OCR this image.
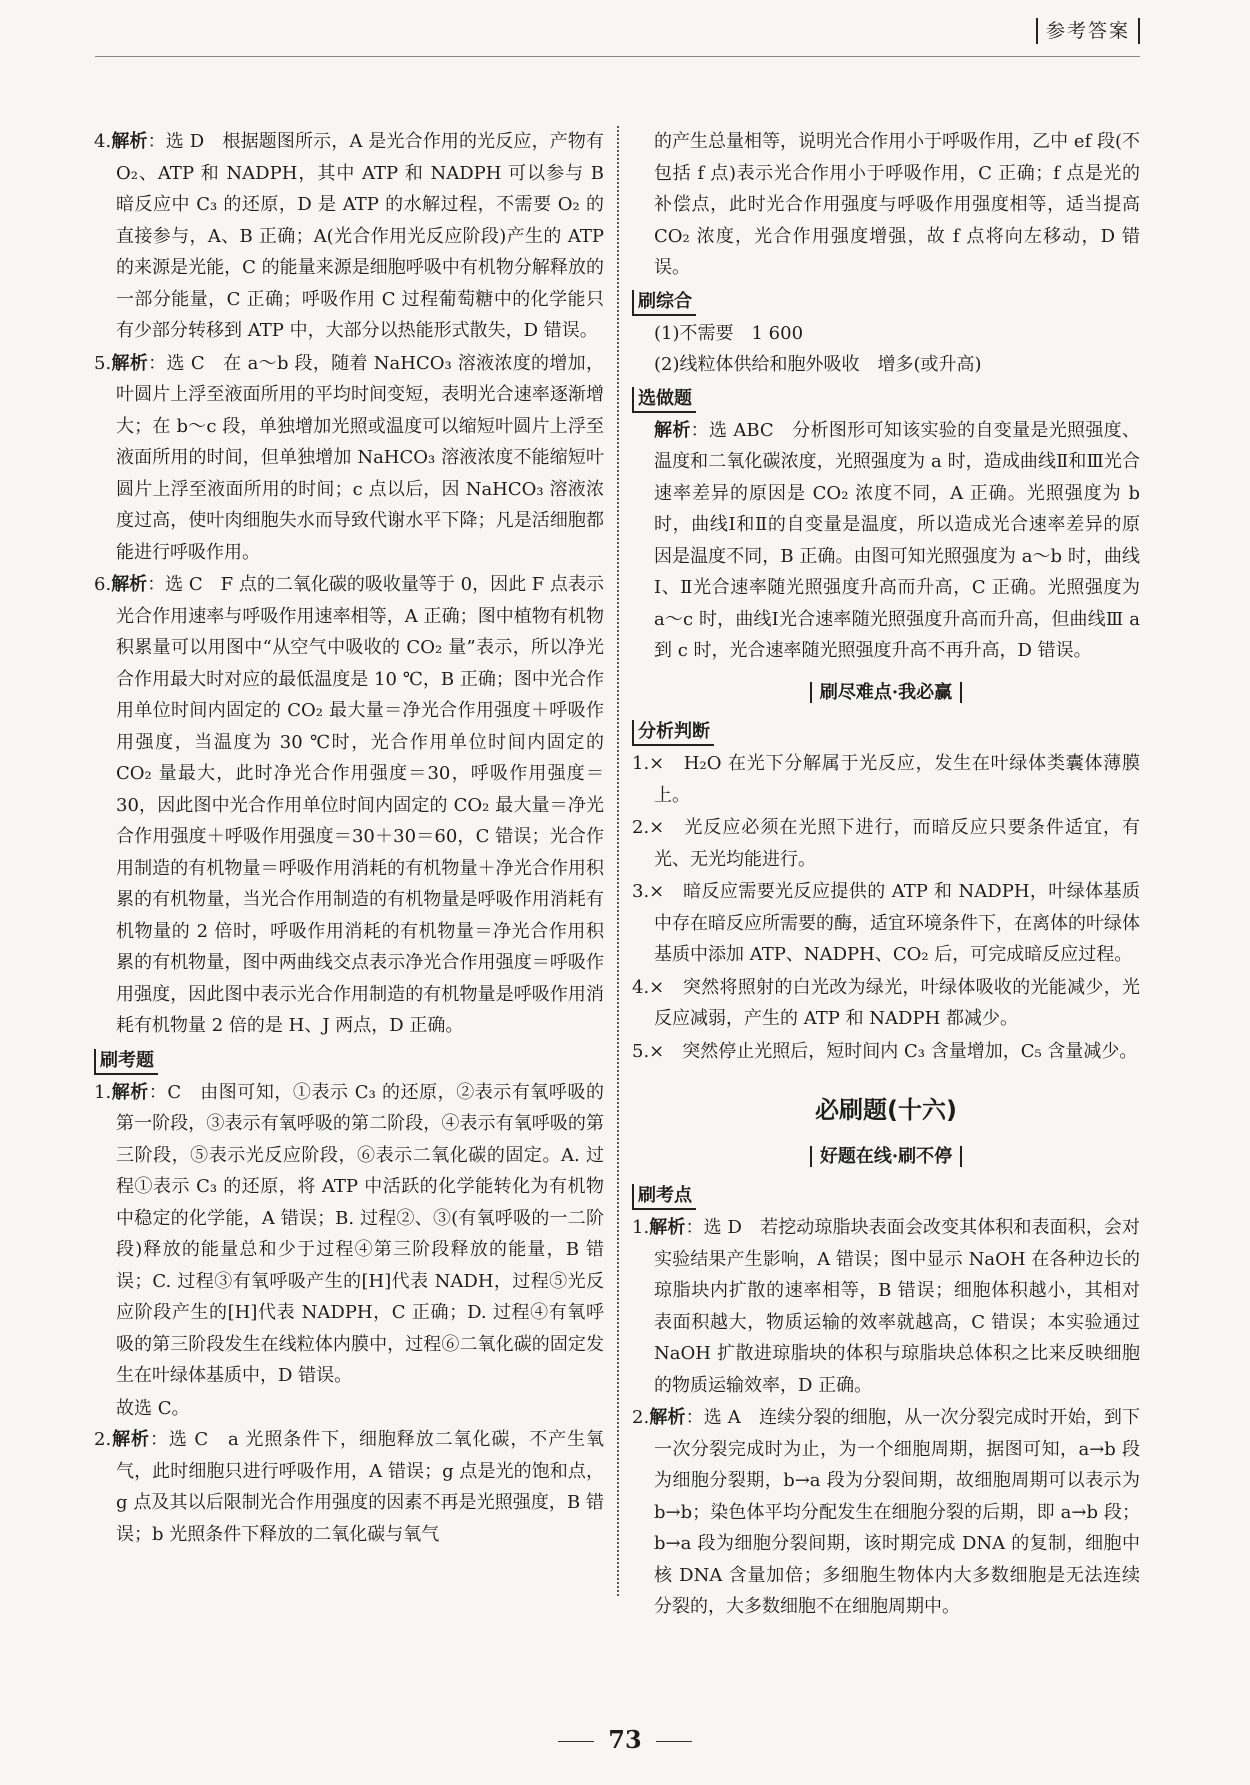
参考答案

4.解析：选 D　根据题图所示，A 是光合作用的光反应，产物有 O₂、ATP 和 NADPH，其中 ATP 和 NADPH 可以参与 B 暗反应中 C₃ 的还原，D 是 ATP 的水解过程，不需要 O₂ 的直接参与，A、B 正确；A(光合作用光反应阶段)产生的 ATP 的来源是光能，C 的能量来源是细胞呼吸中有机物分解释放的一部分能量，C 正确；呼吸作用 C 过程葡萄糖中的化学能只有少部分转移到 ATP 中，大部分以热能形式散失，D 错误。

5.解析：选 C　在 a～b 段，随着 NaHCO₃ 溶液浓度的增加，叶圆片上浮至液面所用的平均时间变短，表明光合速率逐渐增大；在 b～c 段，单独增加光照或温度可以缩短叶圆片上浮至液面所用的时间，但单独增加 NaHCO₃ 溶液浓度不能缩短叶圆片上浮至液面所用的时间；c 点以后，因 NaHCO₃ 溶液浓度过高，使叶肉细胞失水而导致代谢水平下降；凡是活细胞都能进行呼吸作用。

6.解析：选 C　F 点的二氧化碳的吸收量等于 0，因此 F 点表示光合作用速率与呼吸作用速率相等，A 正确；图中植物有机物积累量可以用图中“从空气中吸收的 CO₂ 量”表示，所以净光合作用最大时对应的最低温度是 10 ℃，B 正确；图中光合作用单位时间内固定的 CO₂ 最大量＝净光合作用强度＋呼吸作用强度，当温度为 30 ℃时，光合作用单位时间内固定的 CO₂ 量最大，此时净光合作用强度＝30，呼吸作用强度＝30，因此图中光合作用单位时间内固定的 CO₂ 最大量＝净光合作用强度＋呼吸作用强度＝30＋30＝60，C 错误；光合作用制造的有机物量＝呼吸作用消耗的有机物量＋净光合作用积累的有机物量，当光合作用制造的有机物量是呼吸作用消耗有机物量的 2 倍时，呼吸作用消耗的有机物量＝净光合作用积累的有机物量，图中两曲线交点表示净光合作用强度＝呼吸作用强度，因此图中表示光合作用制造的有机物量是呼吸作用消耗有机物量 2 倍的是 H、J 两点，D 正确。

刷考题

1.解析：C　由图可知，①表示 C₃ 的还原，②表示有氧呼吸的第一阶段，③表示有氧呼吸的第二阶段，④表示有氧呼吸的第三阶段，⑤表示光反应阶段，⑥表示二氧化碳的固定。A. 过程①表示 C₃ 的还原，将 ATP 中活跃的化学能转化为有机物中稳定的化学能，A 错误；B. 过程②、③(有氧呼吸的一二阶段)释放的能量总和少于过程④第三阶段释放的能量，B 错误；C. 过程③有氧呼吸产生的[H]代表 NADH，过程⑤光反应阶段产生的[H]代表 NADPH，C 正确；D. 过程④有氧呼吸的第三阶段发生在线粒体内膜中，过程⑥二氧化碳的固定发生在叶绿体基质中，D 错误。

故选 C。

2.解析：选 C　a 光照条件下，细胞释放二氧化碳，不产生氧气，此时细胞只进行呼吸作用，A 错误；g 点是光的饱和点，g 点及其以后限制光合作用强度的因素不再是光照强度，B 错误；b 光照条件下释放的二氧化碳与氧气

的产生总量相等，说明光合作用小于呼吸作用，乙中 ef 段(不包括 f 点)表示光合作用小于呼吸作用，C 正确；f 点是光的补偿点，此时光合作用强度与呼吸作用强度相等，适当提高 CO₂ 浓度，光合作用强度增强，故 f 点将向左移动，D 错误。

刷综合

(1)不需要　1 600

(2)线粒体供给和胞外吸收　增多(或升高)

选做题

解析：选 ABC　分析图形可知该实验的自变量是光照强度、温度和二氧化碳浓度，光照强度为 a 时，造成曲线Ⅱ和Ⅲ光合速率差异的原因是 CO₂ 浓度不同，A 正确。光照强度为 b 时，曲线Ⅰ和Ⅱ的自变量是温度，所以造成光合速率差异的原因是温度不同，B 正确。由图可知光照强度为 a～b 时，曲线Ⅰ、Ⅱ光合速率随光照强度升高而升高，C 正确。光照强度为 a～c 时，曲线Ⅰ光合速率随光照强度升高而升高，但曲线Ⅲ a 到 c 时，光合速率随光照强度升高不再升高，D 错误。

刷尽难点·我必赢
分析判断

1.×　H₂O 在光下分解属于光反应，发生在叶绿体类囊体薄膜上。

2.×　光反应必须在光照下进行，而暗反应只要条件适宜，有光、无光均能进行。

3.×　暗反应需要光反应提供的 ATP 和 NADPH，叶绿体基质中存在暗反应所需要的酶，适宜环境条件下，在离体的叶绿体基质中添加 ATP、NADPH、CO₂ 后，可完成暗反应过程。

4.×　突然将照射的白光改为绿光，叶绿体吸收的光能减少，光反应减弱，产生的 ATP 和 NADPH 都减少。

5.×　突然停止光照后，短时间内 C₃ 含量增加，C₅ 含量减少。

必刷题(十六)
好题在线·刷不停
刷考点

1.解析：选 D　若挖动琼脂块表面会改变其体积和表面积，会对实验结果产生影响，A 错误；图中显示 NaOH 在各种边长的琼脂块内扩散的速率相等，B 错误；细胞体积越小，其相对表面积越大，物质运输的效率就越高，C 错误；本实验通过 NaOH 扩散进琼脂块的体积与琼脂块总体积之比来反映细胞的物质运输效率，D 正确。

2.解析：选 A　连续分裂的细胞，从一次分裂完成时开始，到下一次分裂完成时为止，为一个细胞周期，据图可知，a→b 段为细胞分裂期，b→a 段为分裂间期，故细胞周期可以表示为 b→b；染色体平均分配发生在细胞分裂的后期，即 a→b 段；b→a 段为细胞分裂间期，该时期完成 DNA 的复制，细胞中核 DNA 含量加倍；多细胞生物体内大多数细胞是无法连续分裂的，大多数细胞不在细胞周期中。

73
